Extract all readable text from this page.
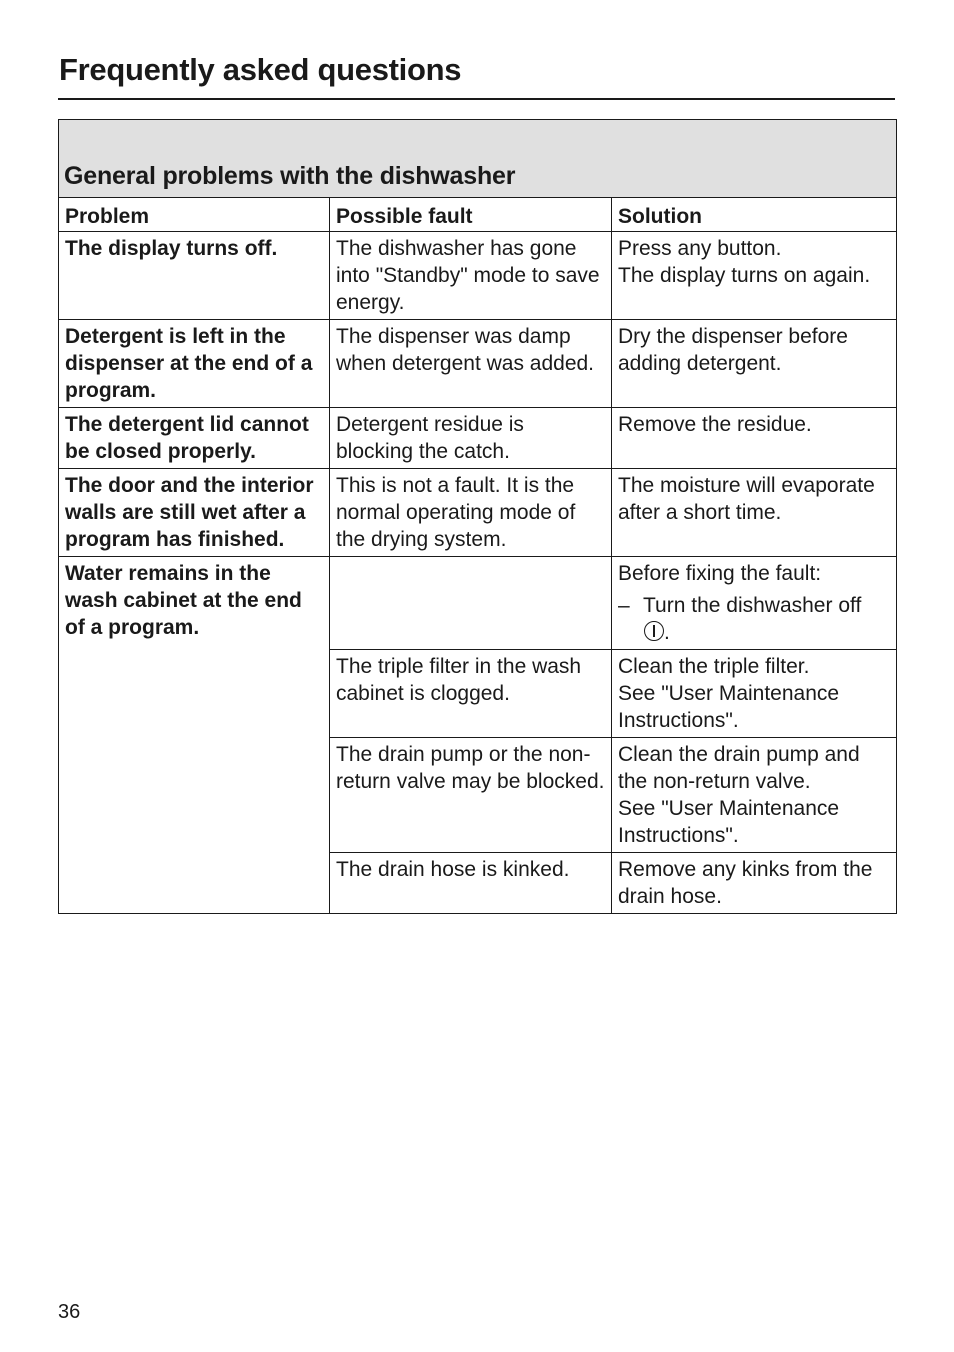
Frequently asked questions
General problems with the dishwasher		
Problem	Possible fault	Solution
The display turns off.	The dishwasher has gone into "Standby" mode to save energy.	Press any button.
The display turns on again.

Detergent is left in the dispenser at the end of a program.	The dispenser was damp when detergent was added.	Dry the dispenser before adding detergent.
The detergent lid cannot be closed properly.	Detergent residue is blocking the catch.	Remove the residue.
The door and the interior walls are still wet after a program has finished.	This is not a fault. It is the normal operating mode of the drying system.	The moisture will evaporate after a short time.
Water remains in the wash cabinet at the end of a program.		Before fixing the fault:
– Turn the dishwasher off
.

	The triple filter in the wash cabinet is clogged.	Clean the triple filter.
See "User Maintenance Instructions".

	The drain pump or the non-return valve may be blocked.	Clean the drain pump and the non-return valve.
See "User Maintenance Instructions".

	The drain hose is kinked.	Remove any kinks from the drain hose.
36
